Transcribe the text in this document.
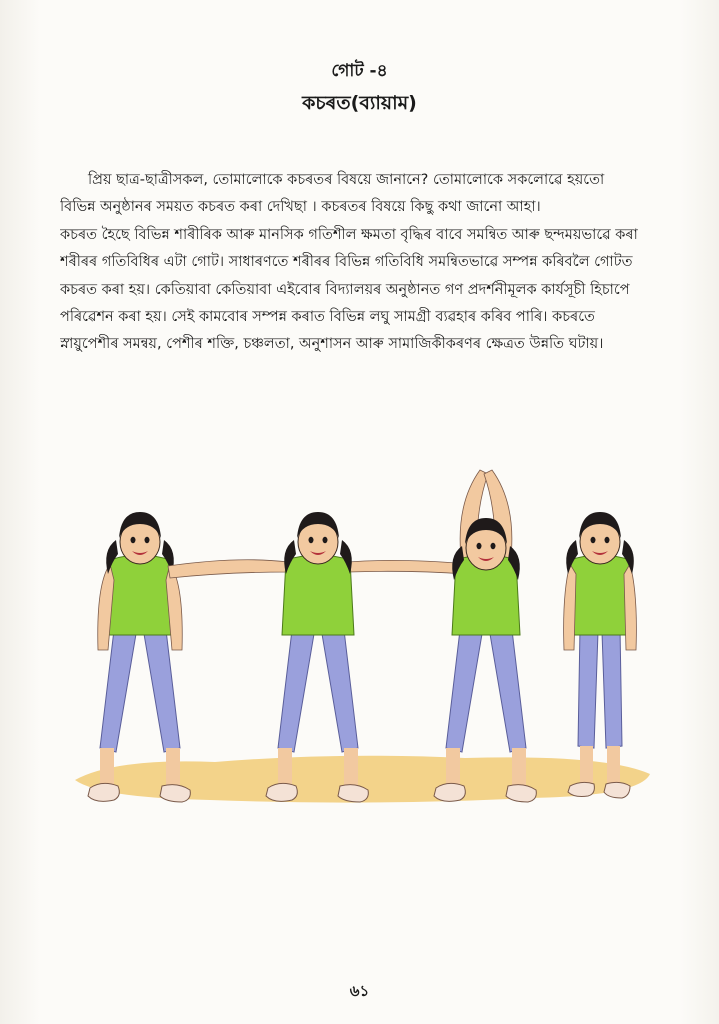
গোট -৪
কচৰত(ব্যায়াম)
প্ৰিয় ছাত্ৰ-ছাত্ৰীসকল, তোমালোকে কচৰতৰ বিষয়ে জানানে? তোমালোকে সকলোৱে হয়তো
বিভিন্ন অনুষ্ঠানৰ সময়ত কচৰত কৰা দেখিছা । কচৰতৰ বিষয়ে কিছু কথা জানো আহা।
কচৰত হৈছে বিভিন্ন শাৰীৰিক আৰু মানসিক গতিশীল ক্ষমতা বৃদ্ধিৰ বাবে সমন্বিত আৰু ছন্দময়ভাৱে কৰা
শৰীৰৰ গতিবিধিৰ এটা গোট। সাধাৰণতে শৰীৰৰ বিভিন্ন গতিবিধি সমন্বিতভাৱে সম্পন্ন কৰিবলৈ গোটত
কচৰত কৰা হয়। কেতিয়াবা কেতিয়াবা এইবোৰ বিদ্যালয়ৰ অনুষ্ঠানত গণ প্ৰদৰ্শনীমূলক কাৰ্যসূচী হিচাপে
পৰিৱেশন কৰা হয়। সেই কামবোৰ সম্পন্ন কৰাত বিভিন্ন লঘু সামগ্ৰী ব্যৱহাৰ কৰিব পাৰি। কচৰতে
স্নায়ুপেশীৰ সমন্বয়, পেশীৰ শক্তি, চঞ্চলতা, অনুশাসন আৰু সামাজিকীকৰণৰ ক্ষেত্ৰত উন্নতি ঘটায়।
৬১
